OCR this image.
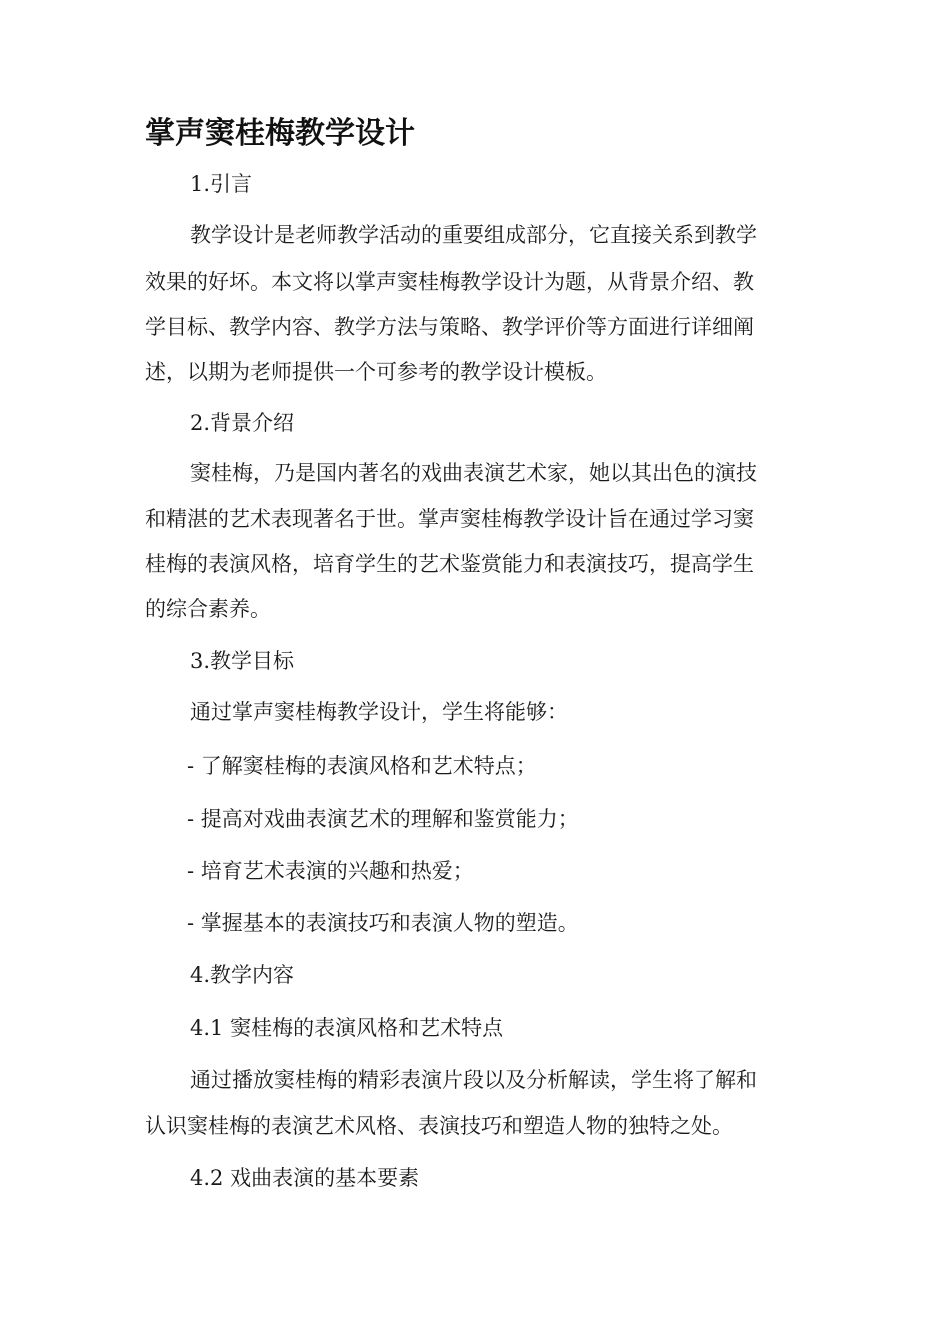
掌声窦桂梅教学设计

1.引言

教学设计是老师教学活动的重要组成部分，它直接关系到教学

效果的好坏。本文将以掌声窦桂梅教学设计为题，从背景介绍、教

学目标、教学内容、教学方法与策略、教学评价等方面进行详细阐

述，以期为老师提供一个可参考的教学设计模板。

2.背景介绍

窦桂梅，乃是国内著名的戏曲表演艺术家，她以其出色的演技

和精湛的艺术表现著名于世。掌声窦桂梅教学设计旨在通过学习窦

桂梅的表演风格，培育学生的艺术鉴赏能力和表演技巧，提高学生

的综合素养。

3.教学目标

通过掌声窦桂梅教学设计，学生将能够：

- 了解窦桂梅的表演风格和艺术特点；

- 提高对戏曲表演艺术的理解和鉴赏能力；

- 培育艺术表演的兴趣和热爱；

- 掌握基本的表演技巧和表演人物的塑造。

4.教学内容

4.1 窦桂梅的表演风格和艺术特点

通过播放窦桂梅的精彩表演片段以及分析解读，学生将了解和

认识窦桂梅的表演艺术风格、表演技巧和塑造人物的独特之处。

4.2 戏曲表演的基本要素
